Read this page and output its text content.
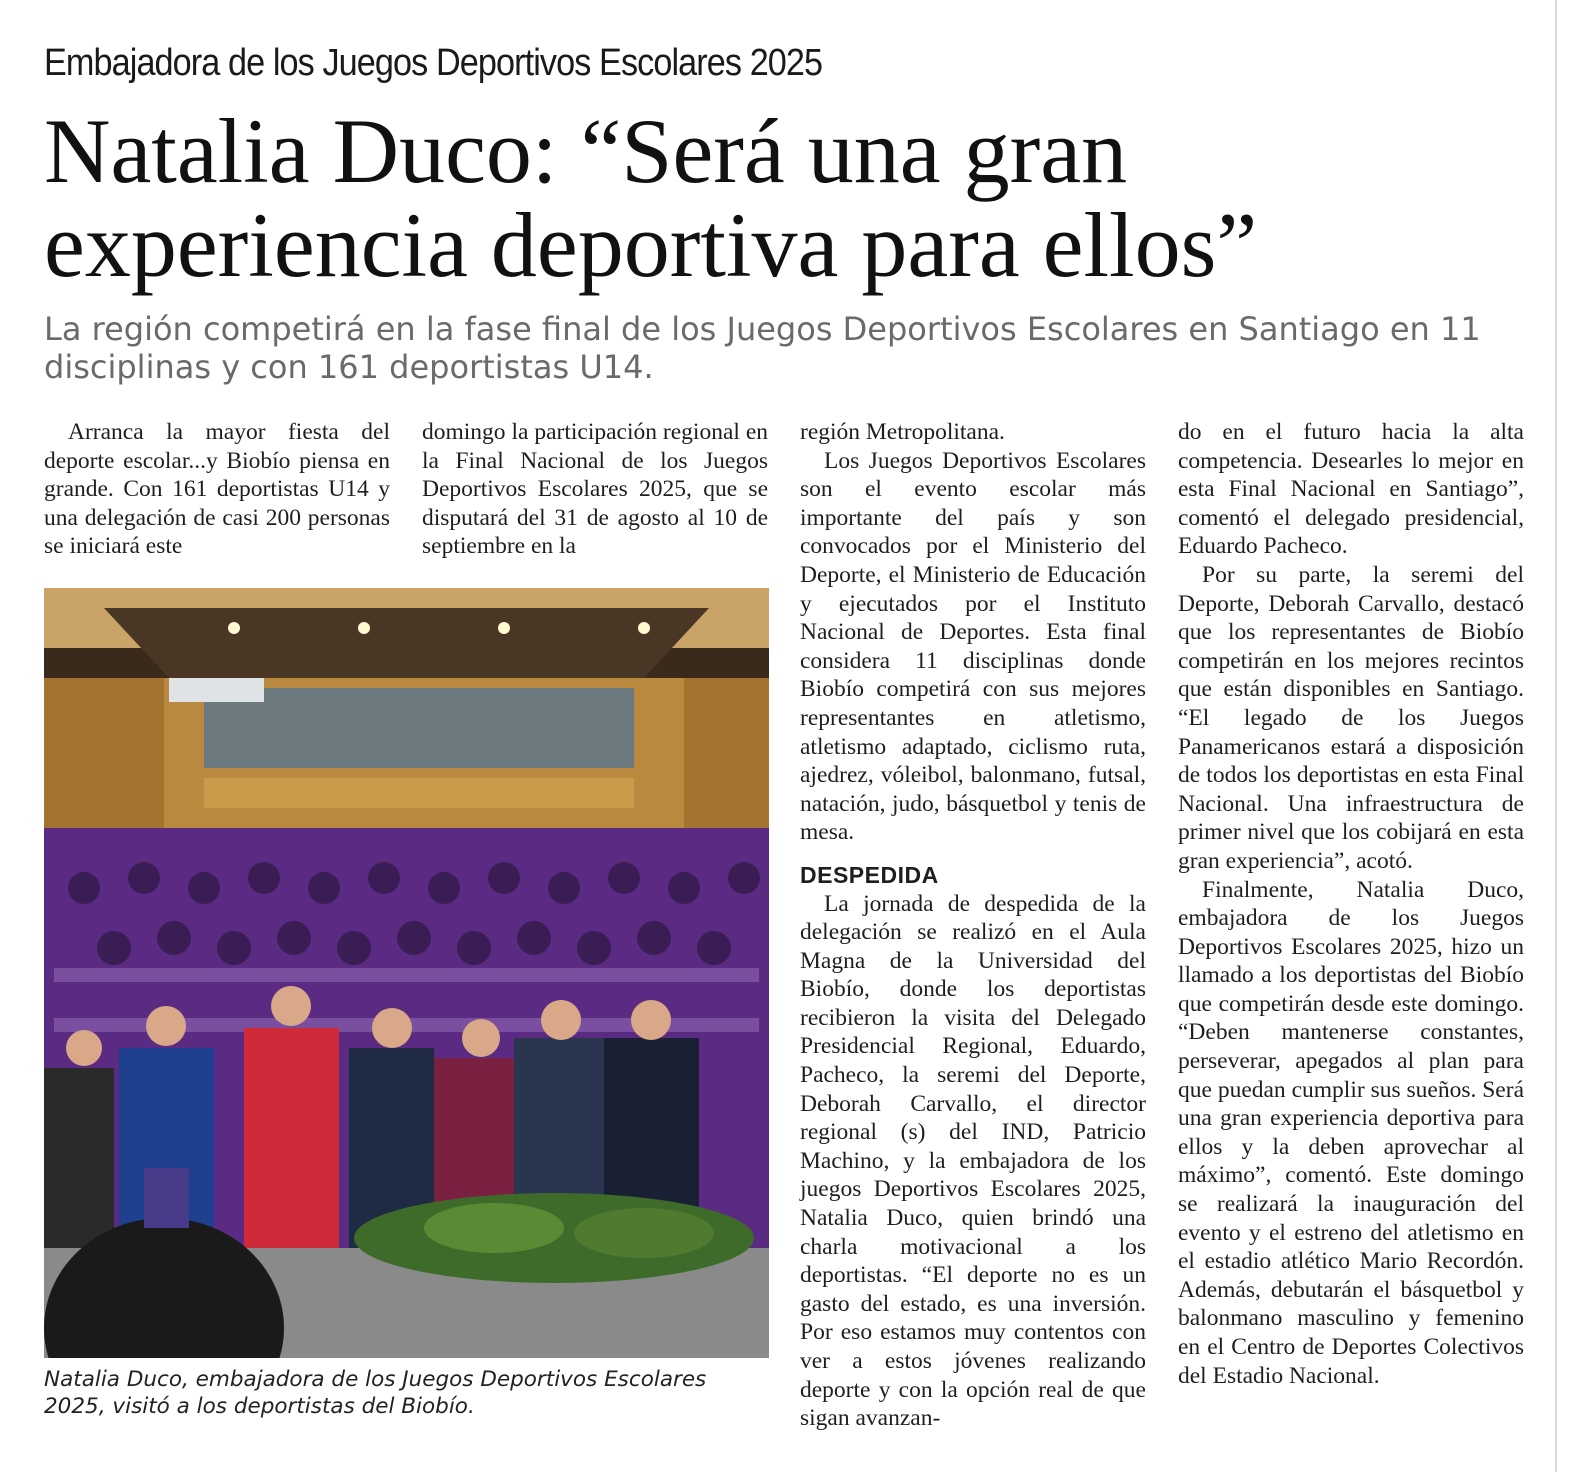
Embajadora de los Juegos Deportivos Escolares 2025
Natalia Duco: “Será una gran
experiencia deportiva para ellos”
La región competirá en la fase final de los Juegos Deportivos Escolares en Santiago en 11 disciplinas y con 161 deportistas U14.

Arranca la mayor fiesta del deporte escolar...y Biobío piensa en grande. Con 161 deportistas U14 y una delegación de casi 200 personas se iniciará este

domingo la participación regional en la Final Nacional de los Juegos Deportivos Escolares 2025, que se disputará del 31 de agosto al 10 de septiembre en la

Natalia Duco, embajadora de los Juegos Deportivos Escolares 2025, visitó a los deportistas del Biobío.

región Metropolitana.

Los Juegos Deportivos Escolares son el evento escolar más importante del país y son convocados por el Ministerio del Deporte, el Ministerio de Educación y ejecutados por el Instituto Nacional de Deportes. Esta final considera 11 disciplinas donde Biobío competirá con sus mejores representantes en atletismo, atletismo adaptado, ciclismo ruta, ajedrez, vóleibol, balonmano, futsal, natación, judo, básquetbol y tenis de mesa.

DESPEDIDA

La jornada de despedida de la delegación se realizó en el Aula Magna de la Universidad del Biobío, donde los deportistas recibieron la visita del Delegado Presidencial Regional, Eduardo, Pacheco, la seremi del Deporte, Deborah Carvallo, el director regional (s) del IND, Patricio Machino, y la embajadora de los juegos Deportivos Escolares 2025, Natalia Duco, quien brindó una charla motivacional a los deportistas. “El deporte no es un gasto del estado, es una inversión. Por eso estamos muy contentos con ver a estos jóvenes realizando deporte y con la opción real de que sigan avanzan-

do en el futuro hacia la alta competencia. Desearles lo mejor en esta Final Nacional en Santiago”, comentó el delegado presidencial, Eduardo Pacheco.

Por su parte, la seremi del Deporte, Deborah Carvallo, destacó que los representantes de Biobío competirán en los mejores recintos que están disponibles en Santiago. “El legado de los Juegos Panamericanos estará a disposición de todos los deportistas en esta Final Nacional. Una infraestructura de primer nivel que los cobijará en esta gran experiencia”, acotó.

Finalmente, Natalia Duco, embajadora de los Juegos Deportivos Escolares 2025, hizo un llamado a los deportistas del Biobío que competirán desde este domingo. “Deben mantenerse constantes, perseverar, apegados al plan para que puedan cumplir sus sueños. Será una gran experiencia deportiva para ellos y la deben aprovechar al máximo”, comentó. Este domingo se realizará la inauguración del evento y el estreno del atletismo en el estadio atlético Mario Recordón. Además, debutarán el básquetbol y balonmano masculino y femenino en el Centro de Deportes Colectivos del Estadio Nacional.
